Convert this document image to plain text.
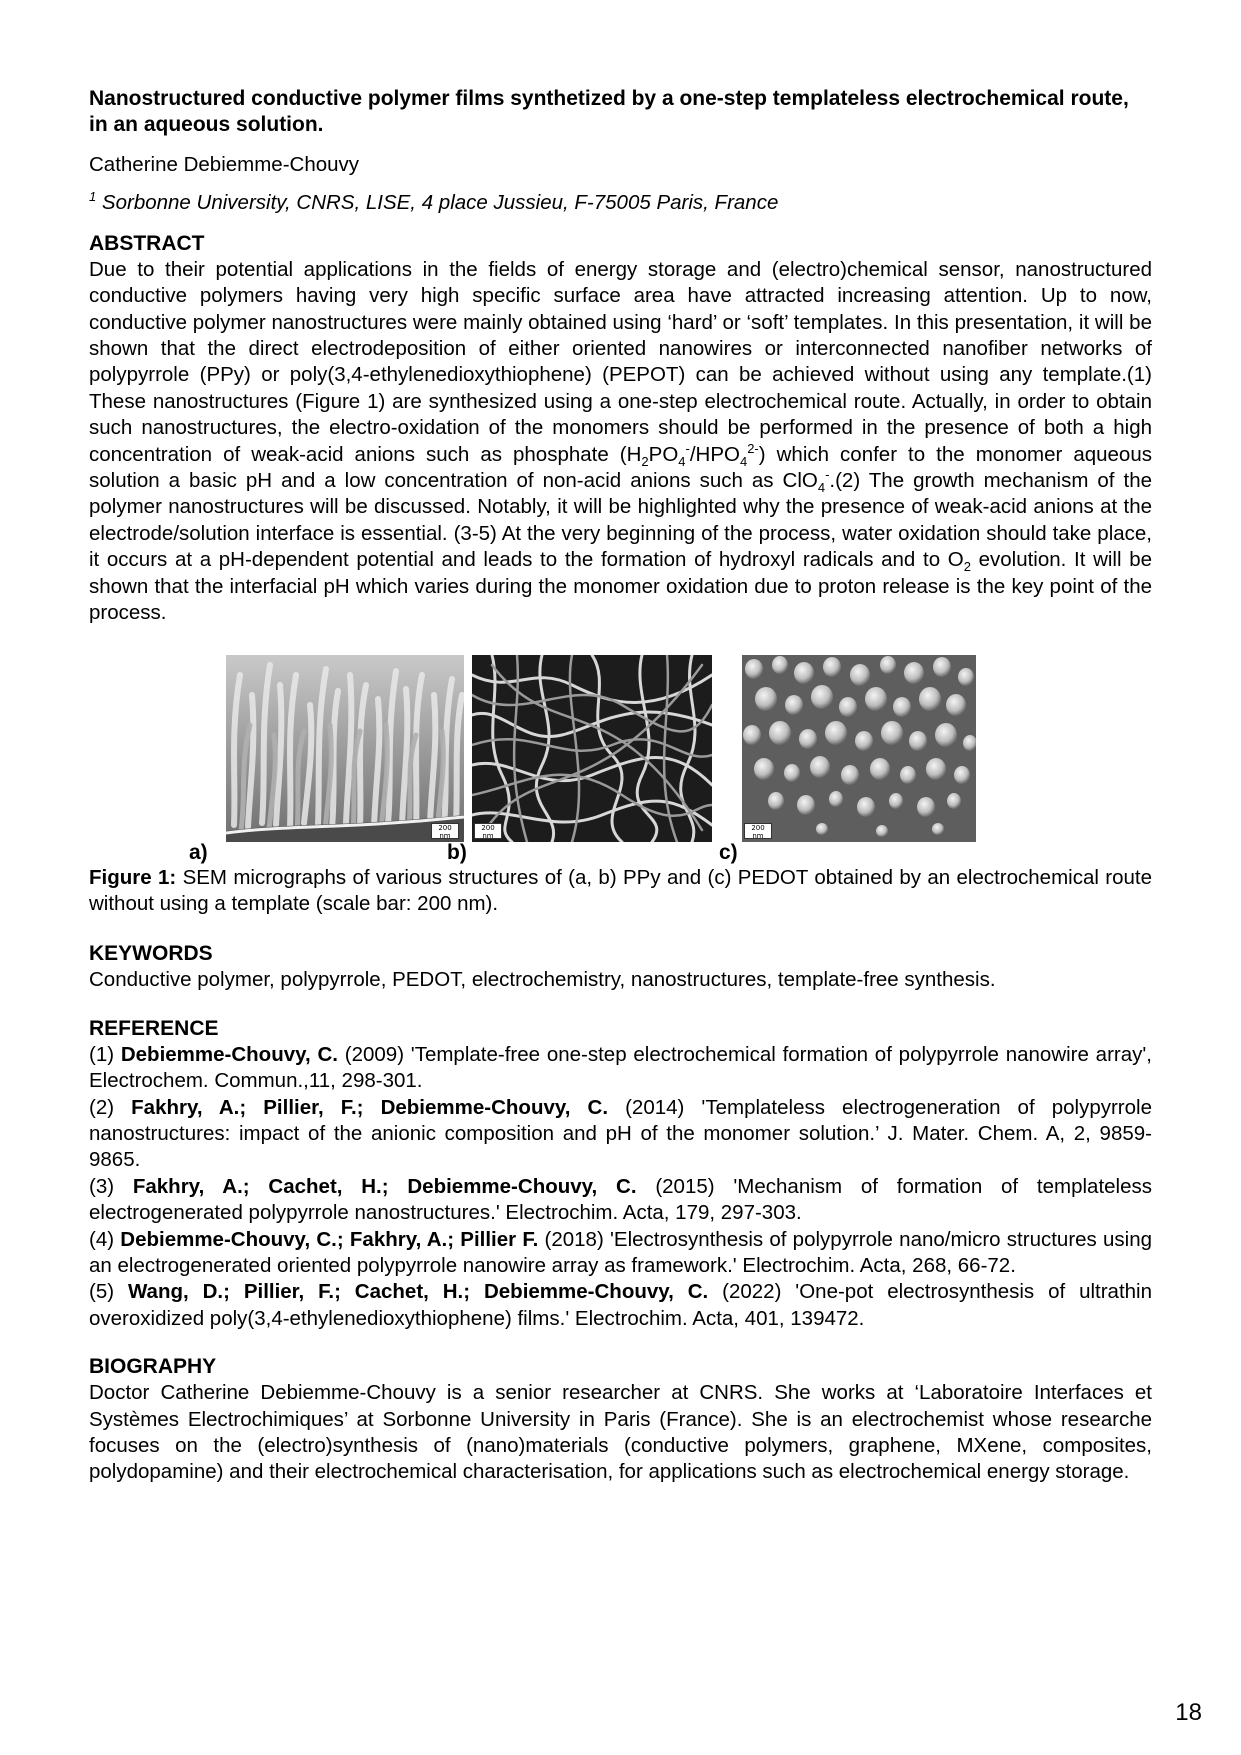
Nanostructured conductive polymer films synthetized by a one-step templateless electrochemical route, in an aqueous solution.

Catherine Debiemme-Chouvy

$^1$ Sorbonne University, CNRS, LISE, 4 place Jussieu, F-75005 Paris, France

ABSTRACT

Due to their potential applications in the fields of energy storage and (electro)chemical sensor, nanostructured conductive polymers having very high specific surface area have attracted increasing attention. Up to now, conductive polymer nanostructures were mainly obtained using ‘hard’ or ‘soft’ templates. In this presentation, it will be shown that the direct electrodeposition of either oriented nanowires or interconnected nanofiber networks of polypyrrole (PPy) or poly(3,4-ethylenedioxythiophene) (PEPOT) can be achieved without using any template.(1) These nanostructures (Figure 1) are synthesized using a one-step electrochemical route. Actually, in order to obtain such nanostructures, the electro-oxidation of the monomers should be performed in the presence of both a high concentration of weak-acid anions such as phosphate $(H_2PO_4^-/HPO_4^{2-})$ which confer to the monomer aqueous solution a basic pH and a low concentration of non-acid anions such as ClO$_4$-.(2) The growth mechanism of the polymer nanostructures will be discussed. Notably, it will be highlighted why the presence of weak-acid anions at the electrode/solution interface is essential. (3-5) At the very beginning of the process, water oxidation should take place, it occurs at a pH-dependent potential and leads to the formation of hydroxyl radicals and to $O_2$ evolution. It will be shown that the interfacial pH which varies during the monomer oxidation due to proton release is the key point of the process.

a)
200 nm
b)
200 nm
c)
200 nm

Figure 1: SEM micrographs of various structures of (a, b) PPy and (c) PEDOT obtained by an electrochemical route without using a template (scale bar: 200 nm).

KEYWORDS

Conductive polymer, polypyrrole, PEDOT, electrochemistry, nanostructures, template-free synthesis.

REFERENCE

(1) Debiemme-Chouvy, C. (2009) 'Template-free one-step electrochemical formation of polypyrrole nanowire array', Electrochem. Commun.,11, 298-301.

(2) Fakhry, A.; Pillier, F.; Debiemme-Chouvy, C. (2014) 'Templateless electrogeneration of polypyrrole nanostructures: impact of the anionic composition and pH of the monomer solution.’ J. Mater. Chem. A, 2, 9859-9865.

(3) Fakhry, A.; Cachet, H.; Debiemme-Chouvy, C. (2015) 'Mechanism of formation of templateless electrogenerated polypyrrole nanostructures.' Electrochim. Acta, 179, 297-303.

(4) Debiemme-Chouvy, C.; Fakhry, A.; Pillier F. (2018) 'Electrosynthesis of polypyrrole nano/micro structures using an electrogenerated oriented polypyrrole nanowire array as framework.' Electrochim. Acta, 268, 66-72.

(5) Wang, D.; Pillier, F.; Cachet, H.; Debiemme-Chouvy, C. (2022) 'One-pot electrosynthesis of ultrathin overoxidized poly(3,4-ethylenedioxythiophene) films.' Electrochim. Acta, 401, 139472.

BIOGRAPHY

Doctor Catherine Debiemme-Chouvy is a senior researcher at CNRS. She works at ‘Laboratoire Interfaces et Systèmes Electrochimiques’ at Sorbonne University in Paris (France). She is an electrochemist whose researche focuses on the (electro)synthesis of (nano)materials (conductive polymers, graphene, MXene, composites, polydopamine) and their electrochemical characterisation, for applications such as electrochemical energy storage.

18
